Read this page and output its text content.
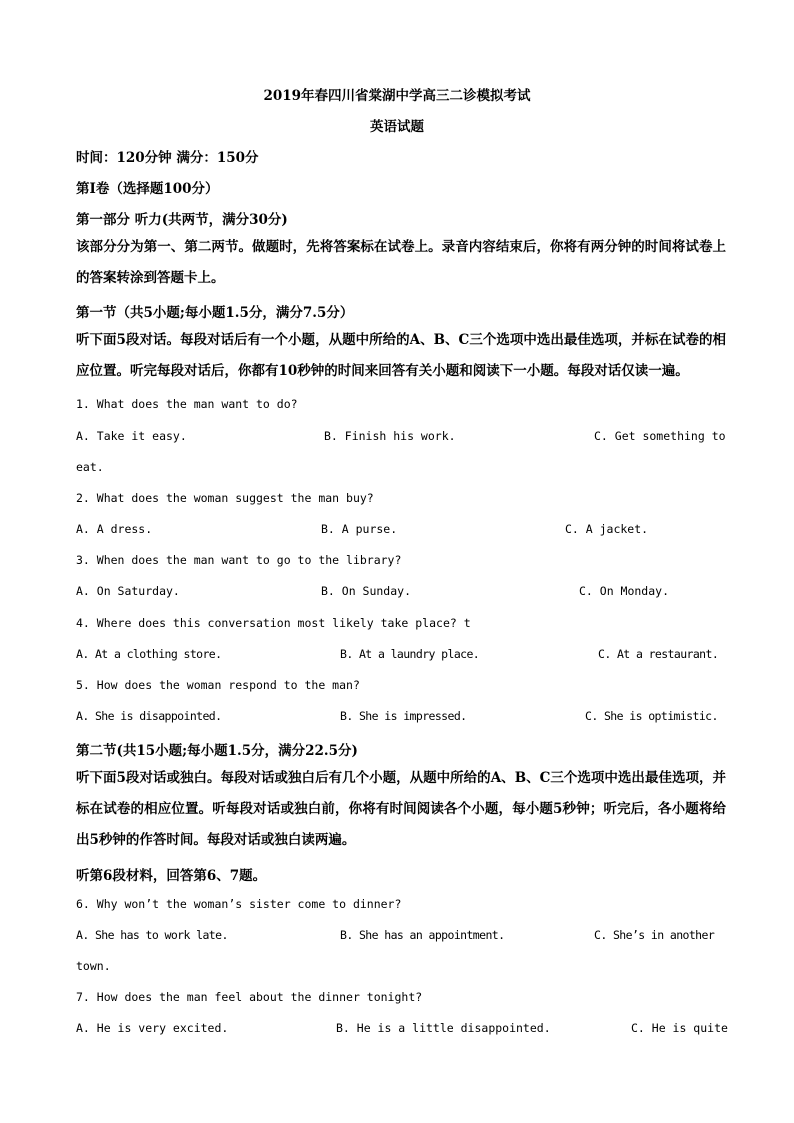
2019年春四川省棠湖中学高三二诊模拟考试
英语试题
时间：120分钟 满分：150分
第Ⅰ卷（选择题100分）
第一部分 听力(共两节，满分30分)

该部分分为第一、第二两节。做题时，先将答案标在试卷上。录音内容结束后，你将有两分钟的时间将试卷上的答案转涂到答题卡上。

第一节（共5小题;每小题1.5分，满分7.5分）

听下面5段对话。每段对话后有一个小题，从题中所给的A、B、C三个选项中选出最佳选项，并标在试卷的相应位置。听完每段对话后，你都有10秒钟的时间来回答有关小题和阅读下一小题。每段对话仅读一遍。

1. What does the man want to do?
A. Take it easy.	B. Finish his work.	C. Get something to
eat.
2. What does the woman suggest the man buy?
A. A dress.	B. A purse.	C. A jacket.
3. When does the man want to go to the library?
A. On Saturday.	B. On Sunday.	C. On Monday.
4. Where does this conversation most likely take place? t
A. At a clothing store.	B. At a laundry place.	C. At a restaurant.
5. How does the woman respond to the man?
A. She is disappointed.	B. She is impressed.	C. She is optimistic.
第二节(共15小题;每小题1.5分，满分22.5分)

听下面5段对话或独白。每段对话或独白后有几个小题，从题中所给的A、B、C三个选项中选出最佳选项，并标在试卷的相应位置。听每段对话或独白前，你将有时间阅读各个小题，每小题5秒钟；听完后，各小题将给出5秒钟的作答时间。每段对话或独白读两遍。

听第6段材料，回答第6、7题。
6. Why won’t the woman’s sister come to dinner?
A. She has to work late.	B. She has an appointment.	C. She’s in another
town.
7. How does the man feel about the dinner tonight?
A. He is very excited.	B. He is a little disappointed.	C. He is quite
